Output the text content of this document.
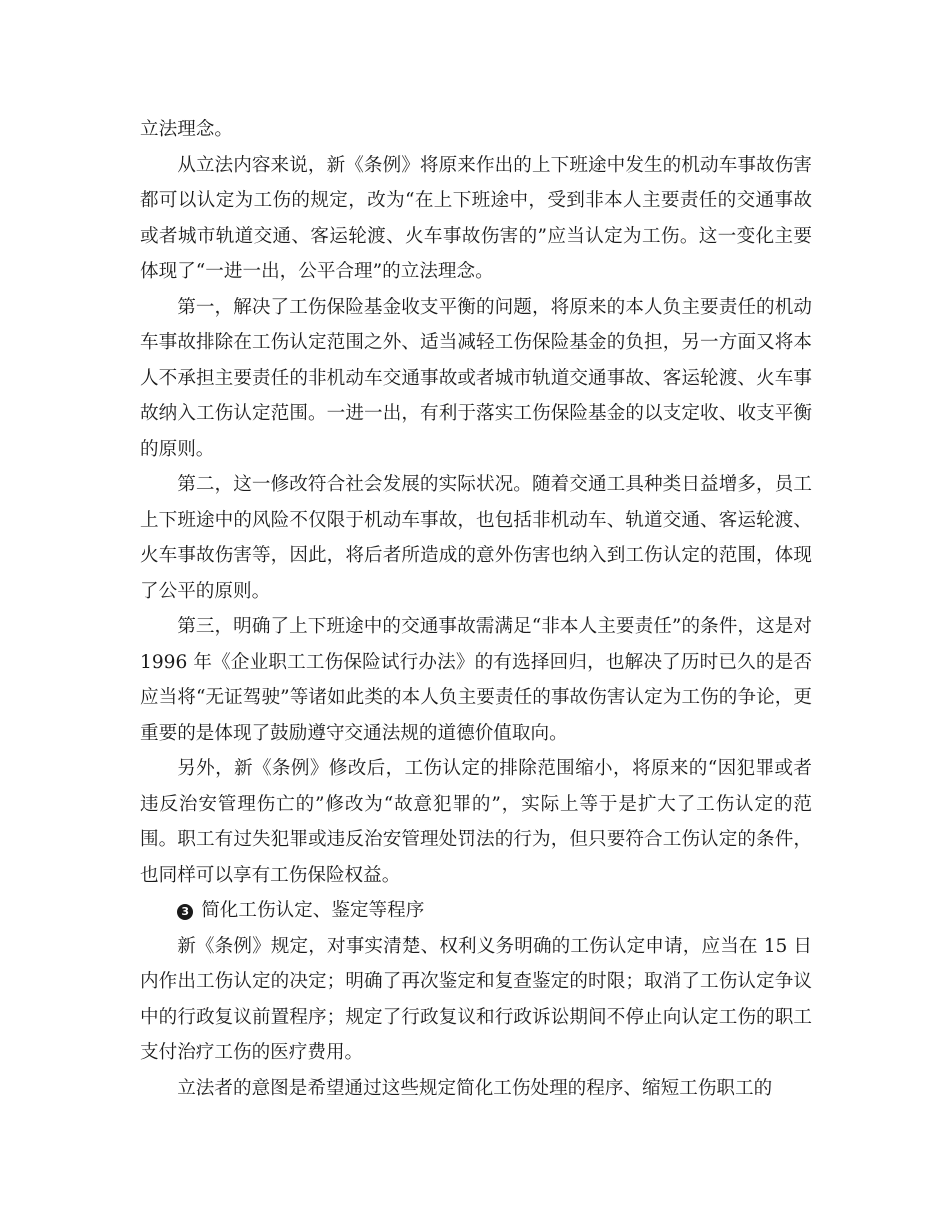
立法理念。

从立法内容来说，新《条例》将原来作出的上下班途中发生的机动车事故伤害都可以认定为工伤的规定，改为“在上下班途中，受到非本人主要责任的交通事故或者城市轨道交通、客运轮渡、火车事故伤害的”应当认定为工伤。这一变化主要体现了“一进一出，公平合理”的立法理念。

第一，解决了工伤保险基金收支平衡的问题，将原来的本人负主要责任的机动车事故排除在工伤认定范围之外、适当减轻工伤保险基金的负担，另一方面又将本人不承担主要责任的非机动车交通事故或者城市轨道交通事故、客运轮渡、火车事故纳入工伤认定范围。一进一出，有利于落实工伤保险基金的以支定收、收支平衡的原则。

第二，这一修改符合社会发展的实际状况。随着交通工具种类日益增多，员工上下班途中的风险不仅限于机动车事故，也包括非机动车、轨道交通、客运轮渡、火车事故伤害等，因此，将后者所造成的意外伤害也纳入到工伤认定的范围，体现了公平的原则。

第三，明确了上下班途中的交通事故需满足“非本人主要责任”的条件，这是对 1996 年《企业职工工伤保险试行办法》的有选择回归，也解决了历时已久的是否应当将“无证驾驶”等诸如此类的本人负主要责任的事故伤害认定为工伤的争论，更重要的是体现了鼓励遵守交通法规的道德价值取向。

另外，新《条例》修改后，工伤认定的排除范围缩小，将原来的“因犯罪或者违反治安管理伤亡的”修改为“故意犯罪的”，实际上等于是扩大了工伤认定的范围。职工有过失犯罪或违反治安管理处罚法的行为，但只要符合工伤认定的条件，也同样可以享有工伤保险权益。

3 简化工伤认定、鉴定等程序

新《条例》规定，对事实清楚、权利义务明确的工伤认定申请，应当在 15 日内作出工伤认定的决定；明确了再次鉴定和复查鉴定的时限；取消了工伤认定争议中的行政复议前置程序；规定了行政复议和行政诉讼期间不停止向认定工伤的职工支付治疗工伤的医疗费用。

立法者的意图是希望通过这些规定简化工伤处理的程序、缩短工伤职工的
